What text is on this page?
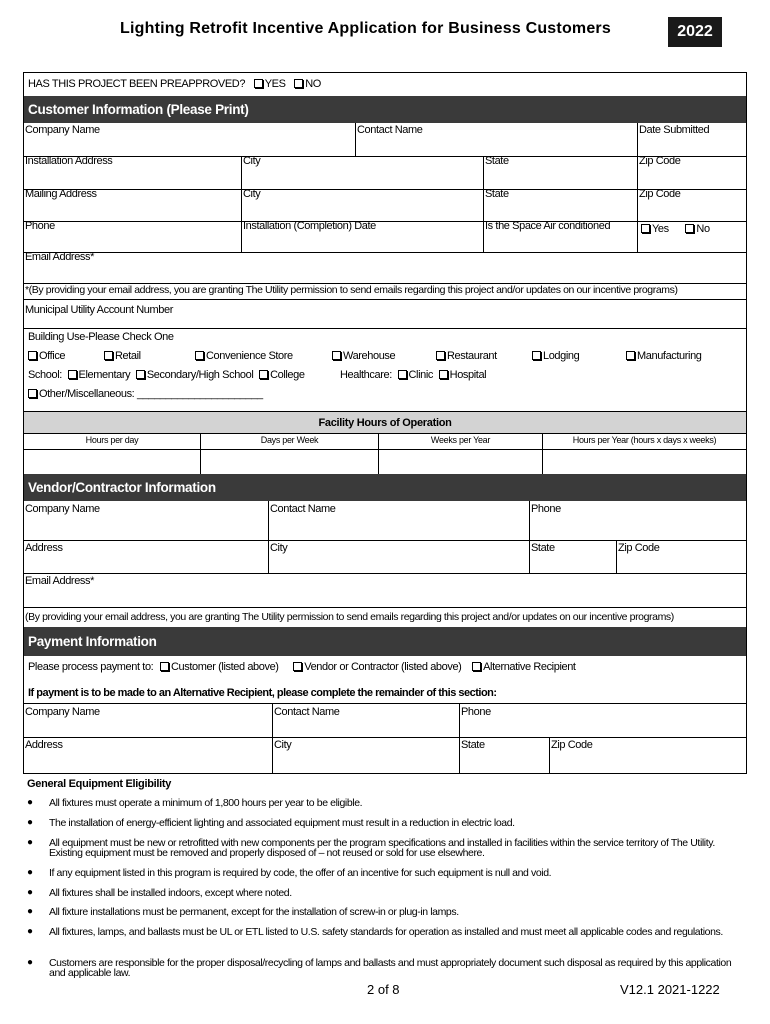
Lighting Retrofit Incentive Application for Business Customers	2022
HAS THIS PROJECT BEEN PREAPPROVED? YES NO
Customer Information (Please Print)
Company Name	Contact Name	Date Submitted
Installation Address	City	State	Zip Code
Mailing Address	City	State	Zip Code
Phone	Installation (Completion) Date	Is the Space Air conditioned	Yes	No
Email Address*
*(By providing your email address, you are granting The Utility permission to send emails regarding this project and/or updates on our incentive programs)
Municipal Utility Account Number
Building Use-Please Check One
Office	Retail	Convenience Store	Warehouse	Restaurant	Lodging	Manufacturing
School: Elementary Secondary/High School College	Healthcare: Clinic Hospital
Other/Miscellaneous: ______________________
Facility Hours of Operation
Hours per day	Days per Week	Weeks per Year	Hours per Year (hours x days x weeks)
Vendor/Contractor Information
Company Name	Contact Name	Phone
Address	City	State	Zip Code
Email Address*
(By providing your email address, you are granting The Utility permission to send emails regarding this project and/or updates on our incentive programs)
Payment Information
Please process payment to: Customer (listed above) Vendor or Contractor (listed above) Alternative Recipient
If payment is to be made to an Alternative Recipient, please complete the remainder of this section:
Company Name	Contact Name	Phone
Address	City	State	Zip Code
General Equipment Eligibility
● All fixtures must operate a minimum of 1,800 hours per year to be eligible.
● The installation of energy-efficient lighting and associated equipment must result in a reduction in electric load.
● All equipment must be new or retrofitted with new components per the program specifications and installed in facilities within the service territory of The Utility. Existing equipment must be removed and properly disposed of – not reused or sold for use elsewhere.
● If any equipment listed in this program is required by code, the offer of an incentive for such equipment is null and void.
● All fixtures shall be installed indoors, except where noted.
● All fixture installations must be permanent, except for the installation of screw-in or plug-in lamps.
● All fixtures, lamps, and ballasts must be UL or ETL listed to U.S. safety standards for operation as installed and must meet all applicable codes and regulations.
● Customers are responsible for the proper disposal/recycling of lamps and ballasts and must appropriately document such disposal as required by this application and applicable law.
2 of 8	V12.1 2021-1222
